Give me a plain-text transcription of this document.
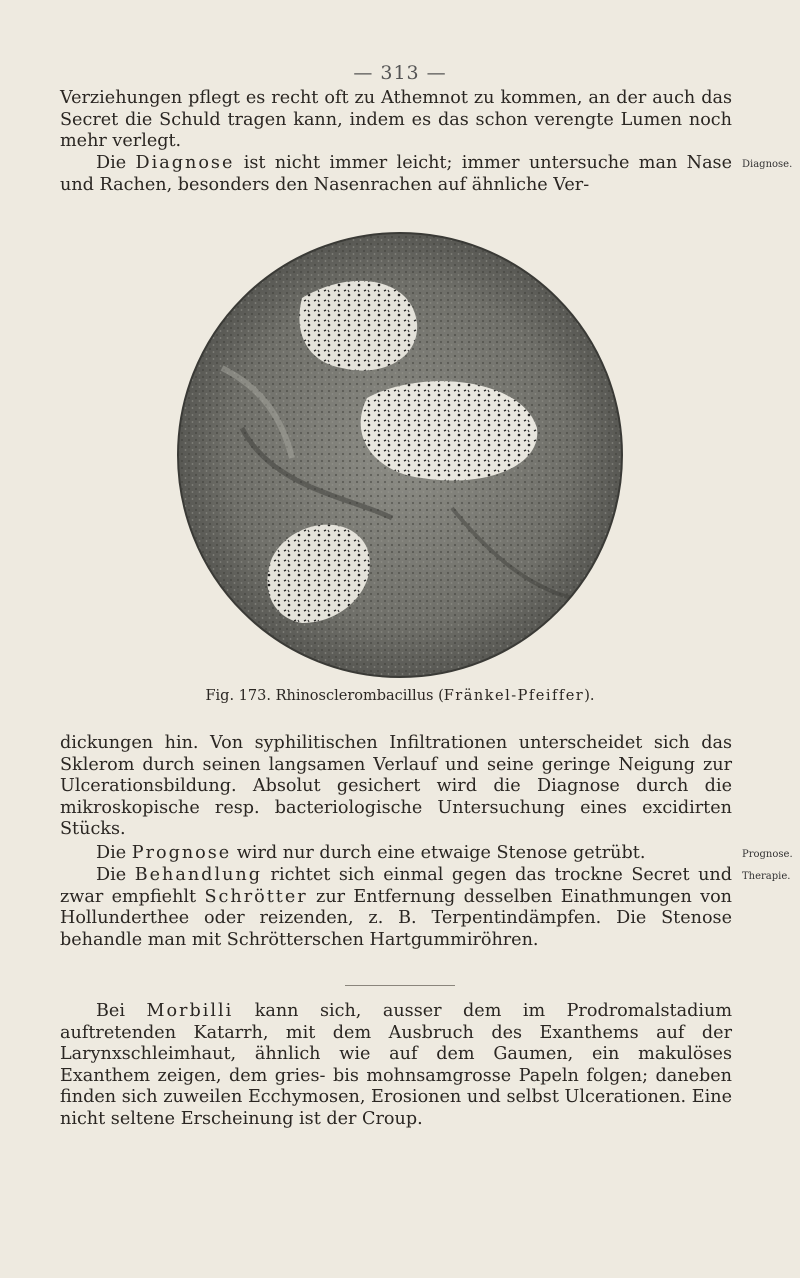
— 313 —

Verziehungen pflegt es recht oft zu Athemnot zu kommen, an der auch das Secret die Schuld tragen kann, indem es das schon verengte Lumen noch mehr verlegt.

Die Diagnose ist nicht immer leicht; immer untersuche man Nase und Rachen, besonders den Nasenrachen auf ähnliche Ver-

Diagnose.
Fig. 173. Rhinosclerombacillus (Fränkel-Pfeiffer).

dickungen hin. Von syphilitischen Infiltrationen unterscheidet sich das Sklerom durch seinen langsamen Verlauf und seine geringe Neigung zur Ulcerationsbildung. Absolut gesichert wird die Diagnose durch die mikroskopische resp. bacteriologische Untersuchung eines excidirten Stücks.

Die Prognose wird nur durch eine etwaige Stenose getrübt.	Prognose.

Die Behandlung richtet sich einmal gegen das trockne Secret und zwar empfiehlt Schrötter zur Entfernung desselben Einathmungen von Hollunderthee oder reizenden, z. B. Terpentindämpfen. Die Stenose behandle man mit Schrötterschen Hartgummiröhren.

Therapie.

Bei Morbilli kann sich, ausser dem im Prodromalstadium auftretenden Katarrh, mit dem Ausbruch des Exanthems auf der Larynxschleimhaut, ähnlich wie auf dem Gaumen, ein makulöses Exanthem zeigen, dem gries- bis mohnsamgrosse Papeln folgen; daneben finden sich zuweilen Ecchymosen, Erosionen und selbst Ulcerationen. Eine nicht seltene Erscheinung ist der Croup.
